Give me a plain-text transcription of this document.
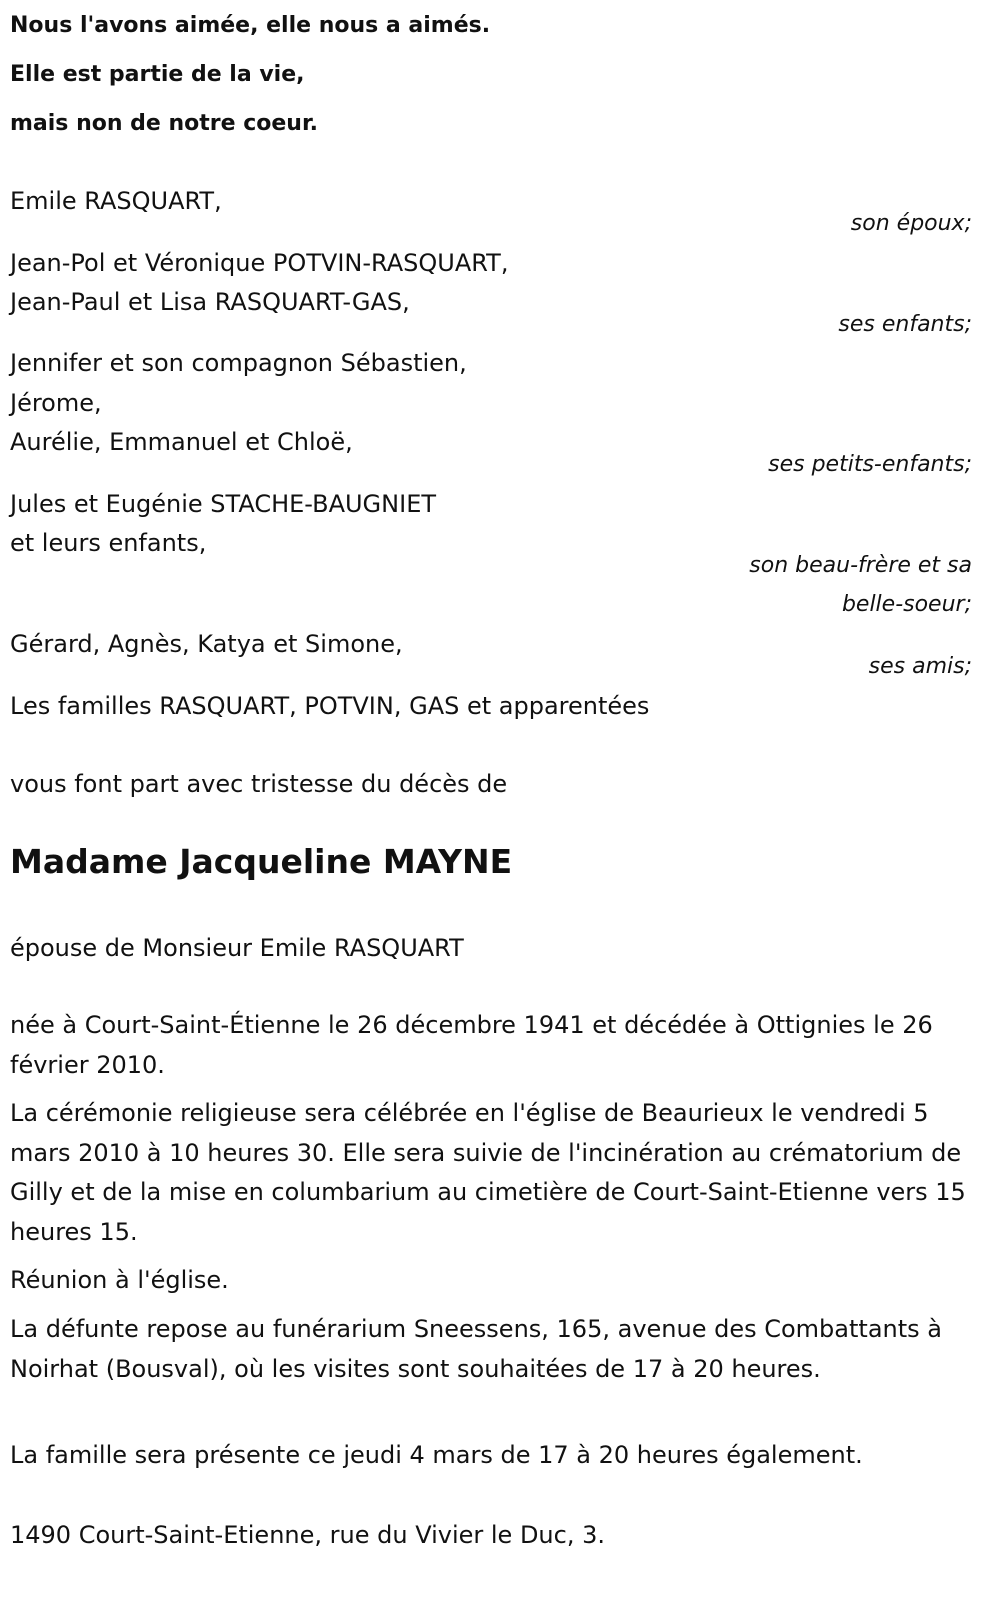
Nous l'avons aimée, elle nous a aimés.
Elle est partie de la vie,
mais non de notre coeur.
Emile RASQUART,
son époux;
Jean-Pol et Véronique POTVIN-RASQUART,
Jean-Paul et Lisa RASQUART-GAS,
ses enfants;
Jennifer et son compagnon Sébastien,
Jérome,
Aurélie, Emmanuel et Chloë,
ses petits-enfants;
Jules et Eugénie STACHE-BAUGNIET
et leurs enfants,
son beau-frère et sa
belle-soeur;
Gérard, Agnès, Katya et Simone,
ses amis;
Les familles RASQUART, POTVIN, GAS et apparentées
vous font part avec tristesse du décès de
Madame Jacqueline MAYNE
épouse de Monsieur Emile RASQUART
née à Court-Saint-Étienne le 26 décembre 1941 et décédée à Ottignies le 26 février 2010.
La cérémonie religieuse sera célébrée en l'église de Beaurieux le vendredi 5 mars 2010 à 10 heures 30. Elle sera suivie de l'incinération au crématorium de Gilly et de la mise en columbarium au cimetière de Court-Saint-Etienne vers 15 heures 15.
Réunion à l'église.
La défunte repose au funérarium Sneessens, 165, avenue des Combattants à Noirhat (Bousval), où les visites sont souhaitées de 17 à 20 heures.
La famille sera présente ce jeudi 4 mars de 17 à 20 heures également.
1490 Court-Saint-Etienne, rue du Vivier le Duc, 3.
